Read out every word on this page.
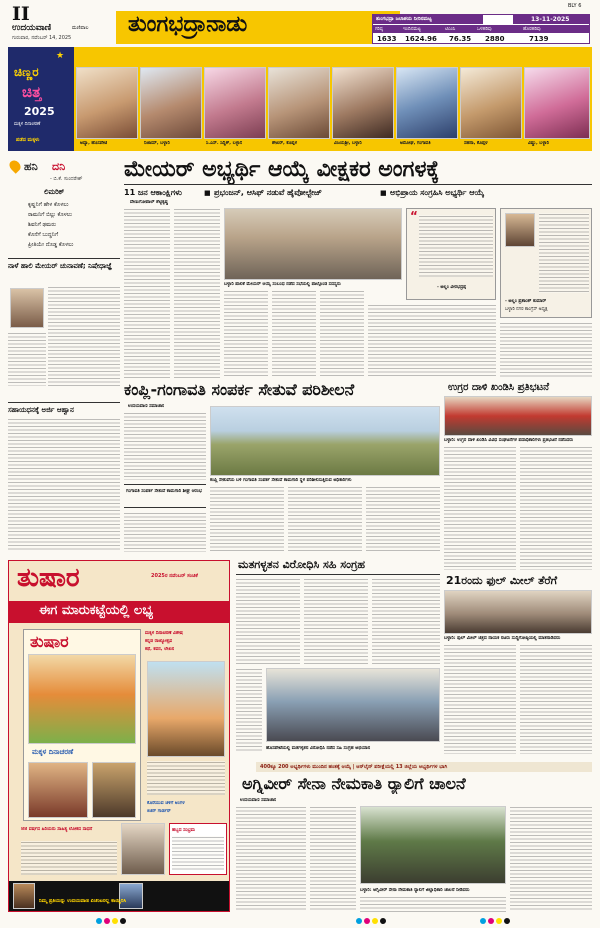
II
ಉದಯವಾಣಿ	ಮಣಿಪಾಲ
ಗುರುವಾರ, ನವೆಂಬರ್ 14, 2025
ತುಂಗಭದ್ರಾನಾಡು
BLY 6
ತುಂಗಭದ್ರಾ ಜಲಾಶಯ ನೀರಿನಮಟ್ಟ	13-11-2025
ಗರಿಷ್ಠ	ಇಂದಿನಮಟ್ಟ	ಟಿಎಂಸಿ	ಒಳಹರಿವು	ಹೊರಹರಿವು
1633 1624.96 76.35 2880	7139
ಚಿಣ್ಣರ
ಚಿತ್ತ
2025
ಮಕ್ಕಳ ದಿನಾಚರಣೆ
ಪಡೆದ ಮಕ್ಕಳು
★
ಅವ್ಯಾ, ಹೊಸಪೇಟೆ	ನಿಜಾಮ್, ಬಳ್ಳಾರಿ	ಸಿ.ಎಸ್. ಸಿದ್ದಿಕ್, ಬಳ್ಳಾರಿ	ಶೇಖರ್, ಕೊಪ್ಪಳ	ವಿಜಯಶ್ರೀ, ಬಳ್ಳಾರಿ	ಅಮೋಘ, ಗಂಗಾವತಿ	ಸಹನಾ, ಕೊಪ್ಪಳ	ವಿಷ್ಣು, ಬಳ್ಳಾರಿ
ಹನಿ ದನಿ
- ಬಿ.ಕೆ. ಸುಂದರೇಶ್
ಲಿಮರಿಕ್
ಕೃಷ್ಣನಿಗೆ ಹೇಳ ಕೊಳಲು
ರಾಮನಿಗೆ ಬಿಲ್ಲು ಕೊಳಲು
ಶಿವನಿಗೆ ಢಮರು
ಕೊನೆಗೆ ಬುದ್ಧನಿಗೆ
ಪ್ರೀತಿಯೇ ದೊಡ್ಡ ಕೊಳಲು
ನಾಳೆ ಹಾಲಿ ಮೇಯರ್ ಚುನಾವಣೆ; ನಿಷೇಧಾಜ್ಞೆ
ಮೇಯರ್ ಅಭ್ಯರ್ಥಿ ಆಯ್ಕೆ ವೀಕ್ಷಕರ ಅಂಗಳಕ್ಕೆ
11 ಜನ ಆಕಾಂಕ್ಷಿಗಳು	■ ಪ್ರಭಂಜನ್, ಆಸಿಫ್ ನಡುವೆ ಹೈವೋಲ್ಟೇಜ್	■ ಅಭಿಪ್ರಾಯ ಸಂಗ್ರಹಿಸಿ ಅಭ್ಯರ್ಥಿ ಆಯ್ಕೆ
ವೇಣುಗೋಪಾಲ್ ಶೆಟ್ಟಿಕೃಷ್ಣ
ಬಳ್ಳಾರಿ ಪಾಲಿಕೆ ಮೇಯರ್ ಆಯ್ಕೆ ಸಂಬಂಧ ನಡೆದ ಸಭೆಯಲ್ಲಿ ಪಾಲ್ಗೊಂಡ ಸದಸ್ಯರು
“
- ಅಲ್ಲಂ ವೀರಭದ್ರಪ್ಪ
- ಅಲ್ಲಂ ಪ್ರಶಾಂತ್ ಕುಮಾರ್
ಬಳ್ಳಾರಿ ನಗರ ಕಾಂಗ್ರೆಸ್ ಅಧ್ಯಕ್ಷ
ಸಹಾಯಧನಕ್ಕೆ ಅರ್ಜಿ ಆಹ್ವಾನ
ಕಂಪ್ಲಿ-ಗಂಗಾವತಿ ಸಂಪರ್ಕ ಸೇತುವೆ ಪರಿಶೀಲನೆ
ಉದಯವಾಣಿ ಸಮಾಚಾರ
ಕಂಪ್ಲಿ ಸೇತುವೆಯ ಬಳಿ ಗಂಗಾವತಿ ಸಂಪರ್ಕ ಸೇತುವೆ ಕಾಮಗಾರಿ ಸ್ಥಳ ಪರಿಶೀಲಿಸುತ್ತಿರುವ ಅಧಿಕಾರಿಗಳು
ಗಂಗಾವತಿ ಸಂಪರ್ಕ ಸೇತುವೆ ಕಾಮಗಾರಿ ಶೀಘ್ರ ಆರಂಭ
ಉಗ್ರರ ದಾಳಿ ಖಂಡಿಸಿ ಪ್ರತಿಭಟನೆ
ಬಳ್ಳಾರಿ: ಉಗ್ರರ ದಾಳಿ ಖಂಡಿಸಿ ವಿವಿಧ ಸಂಘಟನೆಗಳ ಪದಾಧಿಕಾರಿಗಳು ಪ್ರತಿಭಟನೆ ನಡೆಸಿದರು
ತುಷಾರ	2025ರ ನವೆಂಬರ್ ಸಂಚಿಕೆ
ಈಗ ಮಾರುಕಟ್ಟೆಯಲ್ಲಿ ಲಭ್ಯ
ತುಷಾರ
ಮಕ್ಕಳ ದಿನಾಚರಣೆ
ಮಕ್ಕಳ ದಿನಾಚರಣೆ ವಿಶೇಷ
ಕನ್ನಡ ರಾಜ್ಯೋತ್ಸವ
ಕಥೆ, ಕವನ, ಲೇಖನ
ಕೊರೆಯುವ ಚಳಿಗೆ ಅಂಗಳ
ಕಿಚನ್ ಗಾರ್ಡನ್
88 ವರ್ಷದ ಹಿರಿಯರು ಸಾಹಿತ್ಯ ಲೋಕದ ಸಾಧನೆ	ಹಬ್ಬದ ಸಂಭ್ರಮ
ನಿಮ್ಮ ಪ್ರತಿಯನ್ನು ಉದಯವಾಣಿ ಏಜೆಂಟರಲ್ಲಿ ಕಾಯ್ದಿರಿಸಿ
ಮತಗಳ್ಳತನ ವಿರೋಧಿಸಿ ಸಹಿ ಸಂಗ್ರಹ
ಹೊಸಪೇಟೆಯಲ್ಲಿ ಮತಗಳ್ಳತನ ವಿರೋಧಿಸಿ ನಡೆದ ಸಹಿ ಸಂಗ್ರಹ ಅಭಿಯಾನ
21ರಂದು ಫುಲ್ ಮೀಲ್ ತೆರೆಗೆ
ಬಳ್ಳಾರಿ: ಫುಲ್ ಮೀಲ್ ಚಿತ್ರದ ನಾಯಕ ನಟರು ಸುದ್ದಿಗೋಷ್ಠಿಯಲ್ಲಿ ಮಾತನಾಡಿದರು
400ಕ್ಕೂ 200 ಅಭ್ಯರ್ಥಿಗಳು ಮುಂದಿನ ಹಂತಕ್ಕೆ ಆಯ್ಕೆ | ಆನ್‌ಲೈನ್ ಪರೀಕ್ಷೆಯಲ್ಲಿ 13 ಜಿಲ್ಲೆಯ ಅಭ್ಯರ್ಥಿಗಳ ಭಾಗಿ
ಅಗ್ನಿವೀರ್ ಸೇನಾ ನೇಮಕಾತಿ ರ್‍ಯಾಲಿಗೆ ಚಾಲನೆ
ಉದಯವಾಣಿ ಸಮಾಚಾರ
ಬಳ್ಳಾರಿ: ಅಗ್ನಿವೀರ್ ಸೇನಾ ನೇಮಕಾತಿ ರ್‍ಯಾಲಿಗೆ ಜಿಲ್ಲಾಧಿಕಾರಿ ಚಾಲನೆ ನೀಡಿದರು
